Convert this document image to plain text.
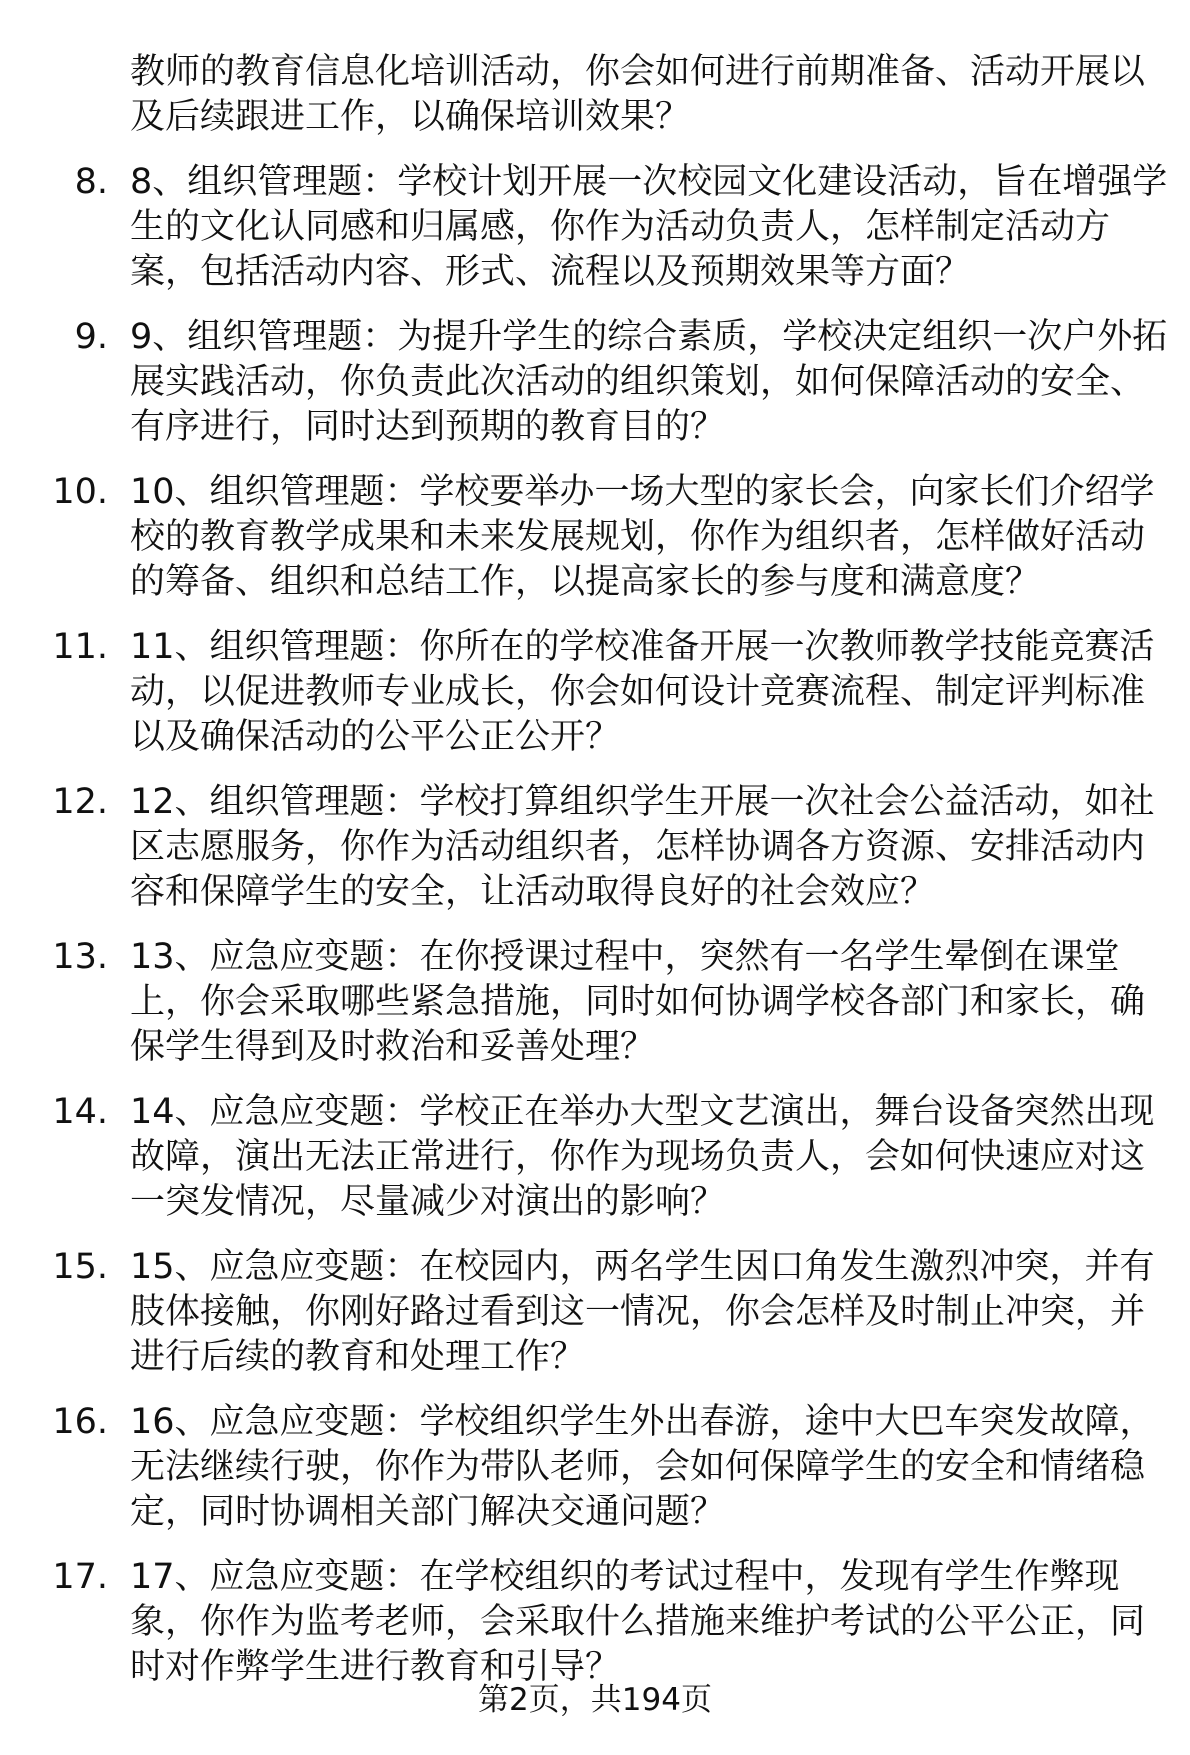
教师的教育信息化培训活动，你会如何进行前期准备、活动开展以及后续跟进工作，以确保培训效果？

8. 8、组织管理题：学校计划开展一次校园文化建设活动，旨在增强学生的文化认同感和归属感，你作为活动负责人，怎样制定活动方案，包括活动内容、形式、流程以及预期效果等方面？
9. 9、组织管理题：为提升学生的综合素质，学校决定组织一次户外拓展实践活动，你负责此次活动的组织策划，如何保障活动的安全、有序进行，同时达到预期的教育目的？
10. 10、组织管理题：学校要举办一场大型的家长会，向家长们介绍学校的教育教学成果和未来发展规划，你作为组织者，怎样做好活动的筹备、组织和总结工作，以提高家长的参与度和满意度？
11. 11、组织管理题：你所在的学校准备开展一次教师教学技能竞赛活动，以促进教师专业成长，你会如何设计竞赛流程、制定评判标准以及确保活动的公平公正公开？
12. 12、组织管理题：学校打算组织学生开展一次社会公益活动，如社区志愿服务，你作为活动组织者，怎样协调各方资源、安排活动内容和保障学生的安全，让活动取得良好的社会效应？
13. 13、应急应变题：在你授课过程中，突然有一名学生晕倒在课堂上，你会采取哪些紧急措施，同时如何协调学校各部门和家长，确保学生得到及时救治和妥善处理？
14. 14、应急应变题：学校正在举办大型文艺演出，舞台设备突然出现故障，演出无法正常进行，你作为现场负责人，会如何快速应对这一突发情况，尽量减少对演出的影响？
15. 15、应急应变题：在校园内，两名学生因口角发生激烈冲突，并有肢体接触，你刚好路过看到这一情况，你会怎样及时制止冲突，并进行后续的教育和处理工作？
16. 16、应急应变题：学校组织学生外出春游，途中大巴车突发故障，无法继续行驶，你作为带队老师，会如何保障学生的安全和情绪稳定，同时协调相关部门解决交通问题？
17. 17、应急应变题：在学校组织的考试过程中，发现有学生作弊现象，你作为监考老师，会采取什么措施来维护考试的公平公正，同时对作弊学生进行教育和引导？
第2页，共194页
